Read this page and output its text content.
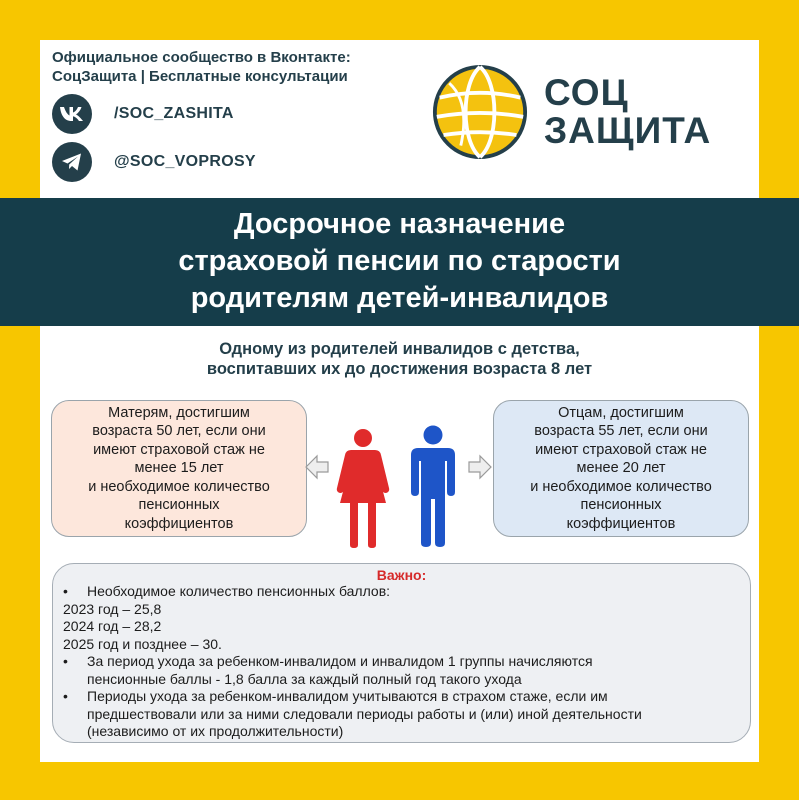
Официальное сообщество в Вконтакте:
СоцЗащита | Бесплатные консультации
/SOC_ZASHITA
@SOC_VOPROSY
СОЦ
ЗАЩИТА
Досрочное назначение
страховой пенсии по старости
родителям детей-инвалидов
Одному из родителей инвалидов с детства,
воспитавших их до достижения возраста 8 лет
Матерям, достигшим
возраста 50 лет, если они
имеют страховой стаж не
менее 15 лет
и необходимое количество
пенсионных
коэффициентов
Отцам, достигшим
возраста 55 лет, если они
имеют страховой стаж не
менее 20 лет
и необходимое количество
пенсионных
коэффициентов
Важно:
•	Необходимое количество пенсионных баллов:
2023 год – 25,8
2024 год – 28,2
2025 год и позднее – 30.
•	За период ухода за ребенком-инвалидом и инвалидом 1 группы начисляются
пенсионные баллы - 1,8 балла за каждый полный год такого ухода
•	Периоды ухода за ребенком-инвалидом учитываются в страхом стаже, если им
предшествовали или за ними следовали периоды работы и (или) иной деятельности
(независимо от их продолжительности)
